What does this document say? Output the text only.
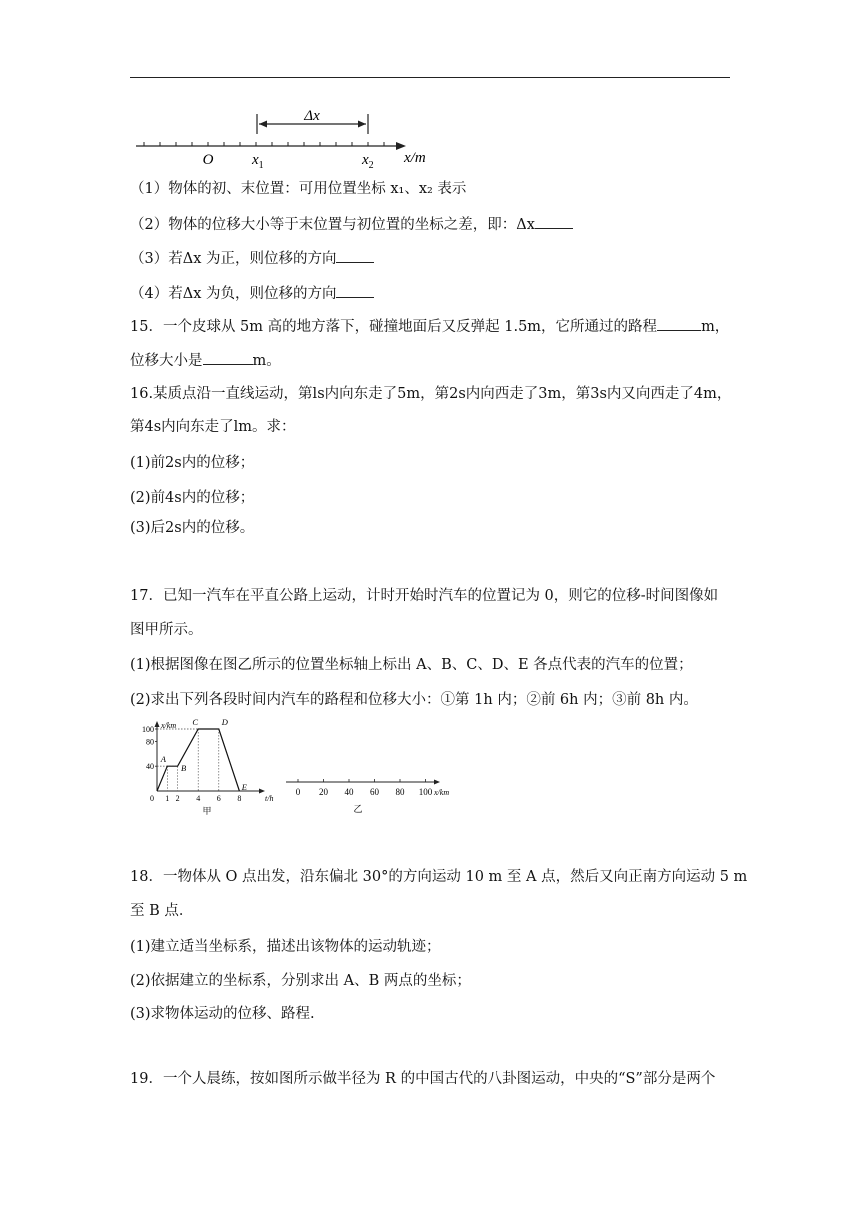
Δx
O	$x_1$	$x_2$ x/m
（1）物体的初、末位置：可用位置坐标 x₁、x₂ 表示
（2）物体的位移大小等于末位置与初位置的坐标之差，即：Δx
（3）若Δx 为正，则位移的方向
（4）若Δx 为负，则位移的方向
15．一个皮球从 5m 高的地方落下，碰撞地面后又反弹起 1.5m，它所通过的路程	m，
位移大小是	m。
16.某质点沿一直线运动，第ls内向东走了5m，第2s内向西走了3m，第3s内又向西走了4m，
第4s内向东走了lm。求：
(1)前2s内的位移；
(2)前4s内的位移；
(3)后2s内的位移。
17．已知一汽车在平直公路上运动，计时开始时汽车的位置记为 0，则它的位移-时间图像如
图甲所示。
(1)根据图像在图乙所示的位置坐标轴上标出 A、B、C、D、E 各点代表的汽车的位置；
(2)求出下列各段时间内汽车的路程和位移大小：①第 1h 内；②前 6h 内；③前 8h 内。
x/km
t/h
40
80
100
0 1 2 4 6 8
A
B
C	D
E
甲
0 20 40 60 80 100 x/km
乙
18．一物体从 O 点出发，沿东偏北 30°的方向运动 10 m 至 A 点，然后又向正南方向运动 5 m
至 B 点．
(1)建立适当坐标系，描述出该物体的运动轨迹；
(2)依据建立的坐标系，分别求出 A、B 两点的坐标；
(3)求物体运动的位移、路程.
19．一个人晨练，按如图所示做半径为 R 的中国古代的八卦图运动，中央的“S”部分是两个
